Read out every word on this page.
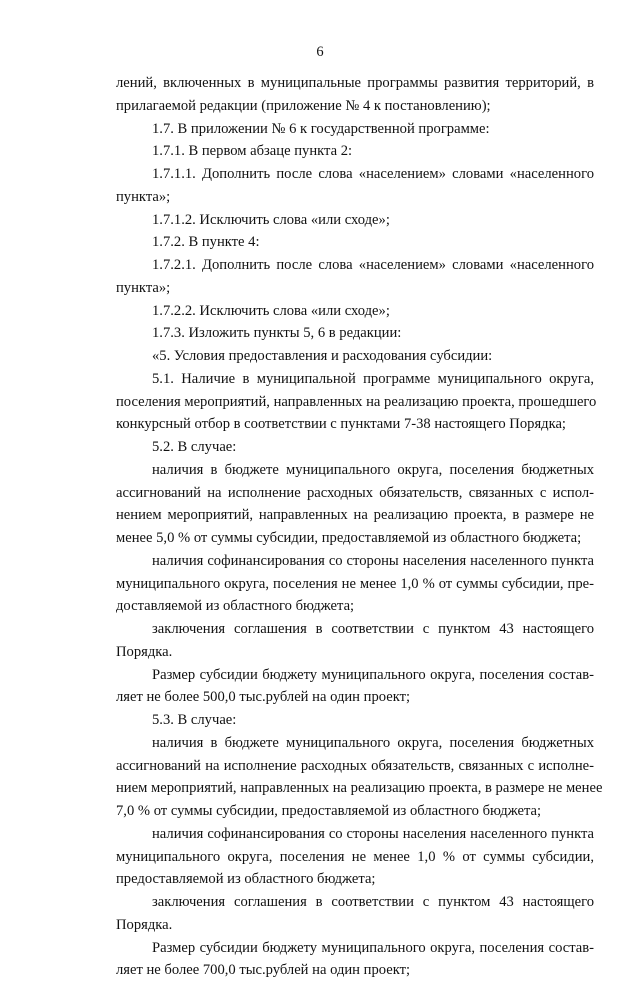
6
лений, включенных в муниципальные программы развития территорий, в
прилагаемой редакции (приложение № 4 к постановлению);
1.7. В приложении № 6 к государственной программе:
1.7.1. В первом абзаце пункта 2:
1.7.1.1. Дополнить после слова «населением» словами «населенного
пункта»;
1.7.1.2. Исключить слова «или сходе»;
1.7.2. В пункте 4:
1.7.2.1. Дополнить после слова «населением» словами «населенного
пункта»;
1.7.2.2. Исключить слова «или сходе»;
1.7.3. Изложить пункты 5, 6 в редакции:
«5. Условия предоставления и расходования субсидии:
5.1. Наличие в муниципальной программе муниципального округа,
поселения мероприятий, направленных на реализацию проекта, прошедшего
конкурсный отбор в соответствии с пунктами 7-38 настоящего Порядка;
5.2. В случае:
наличия в бюджете муниципального округа, поселения бюджетных
ассигнований на исполнение расходных обязательств, связанных с испол-
нением мероприятий, направленных на реализацию проекта, в размере не
менее 5,0 % от суммы субсидии, предоставляемой из областного бюджета;
наличия софинансирования со стороны населения населенного пункта
муниципального округа, поселения не менее 1,0 % от суммы субсидии, пре-
доставляемой из областного бюджета;
заключения соглашения в соответствии с пунктом 43 настоящего
Порядка.
Размер субсидии бюджету муниципального округа, поселения состав-
ляет не более 500,0 тыс.рублей на один проект;
5.3. В случае:
наличия в бюджете муниципального округа, поселения бюджетных
ассигнований на исполнение расходных обязательств, связанных с исполне-
нием мероприятий, направленных на реализацию проекта, в размере не менее
7,0 % от суммы субсидии, предоставляемой из областного бюджета;
наличия софинансирования со стороны населения населенного пункта
муниципального округа, поселения не менее 1,0 % от суммы субсидии,
предоставляемой из областного бюджета;
заключения соглашения в соответствии с пунктом 43 настоящего
Порядка.
Размер субсидии бюджету муниципального округа, поселения состав-
ляет не более 700,0 тыс.рублей на один проект;
